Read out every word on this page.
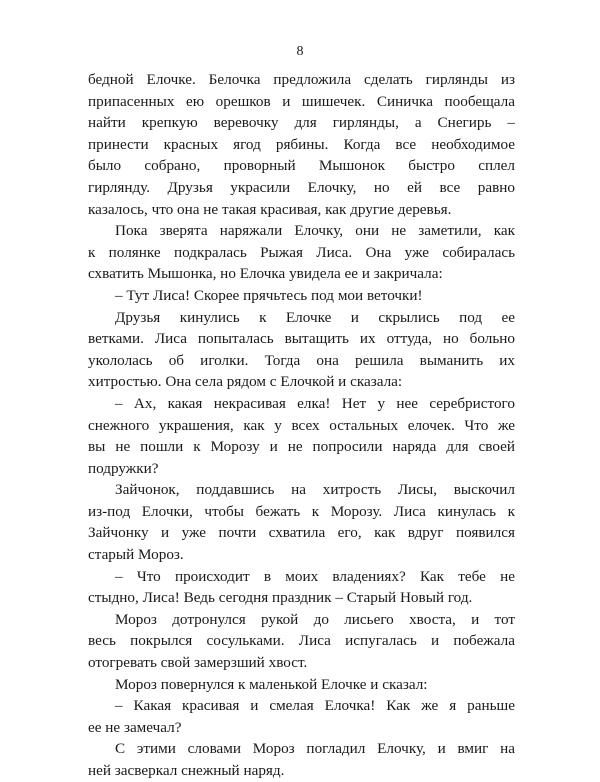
8
бедной Елочке. Белочка предложила сделать гирлянды из
припасенных ею орешков и шишечек. Синичка пообещала
найти крепкую веревочку для гирлянды, а Снегирь –
принести красных ягод рябины. Когда все необходимое
было собрано, проворный Мышонок быстро сплел
гирлянду. Друзья украсили Елочку, но ей все равно
казалось, что она не такая красивая, как другие деревья.
Пока зверята наряжали Елочку, они не заметили, как
к полянке подкралась Рыжая Лиса. Она уже собиралась
схватить Мышонка, но Елочка увидела ее и закричала:
– Тут Лиса! Скорее прячьтесь под мои веточки!
Друзья кинулись к Елочке и скрылись под ее
ветками. Лиса попыталась вытащить их оттуда, но больно
укололась об иголки. Тогда она решила выманить их
хитростью. Она села рядом с Елочкой и сказала:
– Ах, какая некрасивая елка! Нет у нее серебристого
снежного украшения, как у всех остальных елочек. Что же
вы не пошли к Морозу и не попросили наряда для своей
подружки?
Зайчонок, поддавшись на хитрость Лисы, выскочил
из-под Елочки, чтобы бежать к Морозу. Лиса кинулась к
Зайчонку и уже почти схватила его, как вдруг появился
старый Мороз.
– Что происходит в моих владениях? Как тебе не
стыдно, Лиса! Ведь сегодня праздник – Старый Новый год.
Мороз дотронулся рукой до лисьего хвоста, и тот
весь покрылся сосульками. Лиса испугалась и побежала
отогревать свой замерзший хвост.
Мороз повернулся к маленькой Елочке и сказал:
– Какая красивая и смелая Елочка! Как же я раньше
ее не замечал?
С этими словами Мороз погладил Елочку, и вмиг на
ней засверкал снежный наряд.
